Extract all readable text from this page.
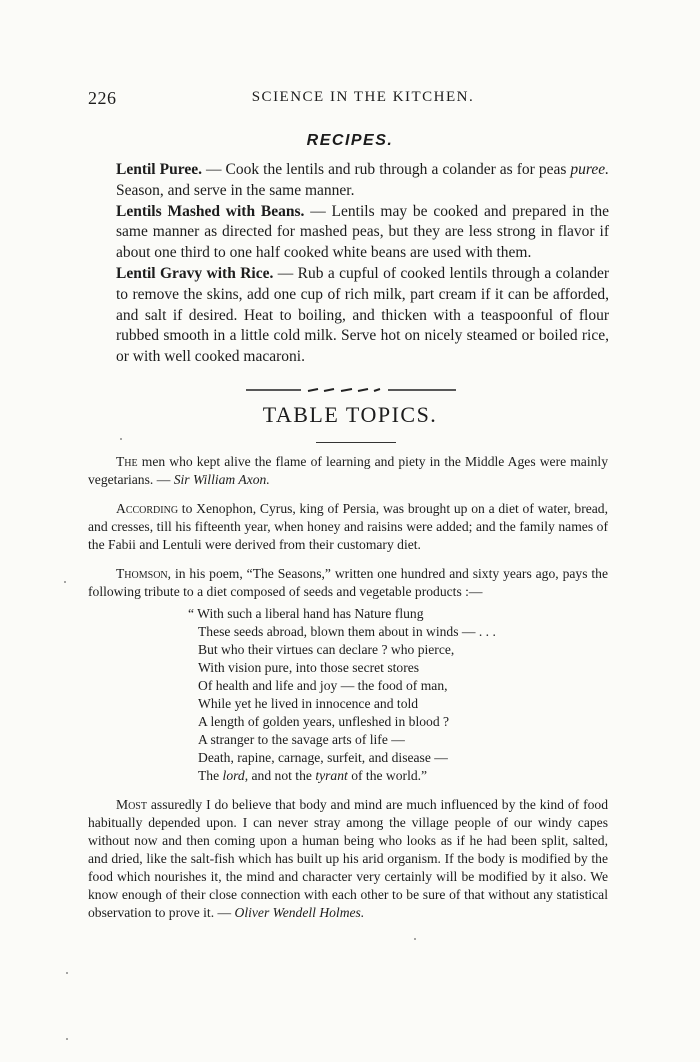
226	SCIENCE IN THE KITCHEN.
RECIPES.

Lentil Puree. — Cook the lentils and rub through a colander as for peas puree. Season, and serve in the same manner.

Lentils Mashed with Beans. — Lentils may be cooked and prepared in the same manner as directed for mashed peas, but they are less strong in flavor if about one third to one half cooked white beans are used with them.

Lentil Gravy with Rice. — Rub a cupful of cooked lentils through a colander to remove the skins, add one cup of rich milk, part cream if it can be afforded, and salt if desired. Heat to boiling, and thicken with a teaspoonful of flour rubbed smooth in a little cold milk. Serve hot on nicely steamed or boiled rice, or with well cooked macaroni.

TABLE TOPICS.

The men who kept alive the flame of learning and piety in the Middle Ages were mainly vegetarians. — Sir William Axon.

According to Xenophon, Cyrus, king of Persia, was brought up on a diet of water, bread, and cresses, till his fifteenth year, when honey and raisins were added; and the family names of the Fabii and Lentuli were derived from their customary diet.

Thomson, in his poem, “The Seasons,” written one hundred and sixty years ago, pays the following tribute to a diet composed of seeds and vegetable products :—

“ With such a liberal hand has Nature flung
These seeds abroad, blown them about in winds — . . .
But who their virtues can declare ? who pierce,
With vision pure, into those secret stores
Of health and life and joy — the food of man,
While yet he lived in innocence and told
A length of golden years, unfleshed in blood ?
A stranger to the savage arts of life —
Death, rapine, carnage, surfeit, and disease —
The lord, and not the tyrant of the world.”

Most assuredly I do believe that body and mind are much influenced by the kind of food habitually depended upon. I can never stray among the village people of our windy capes without now and then coming upon a human being who looks as if he had been split, salted, and dried, like the salt-fish which has built up his arid organism. If the body is modified by the food which nourishes it, the mind and character very certainly will be modified by it also. We know enough of their close connection with each other to be sure of that without any statistical observation to prove it. — Oliver Wendell Holmes.
